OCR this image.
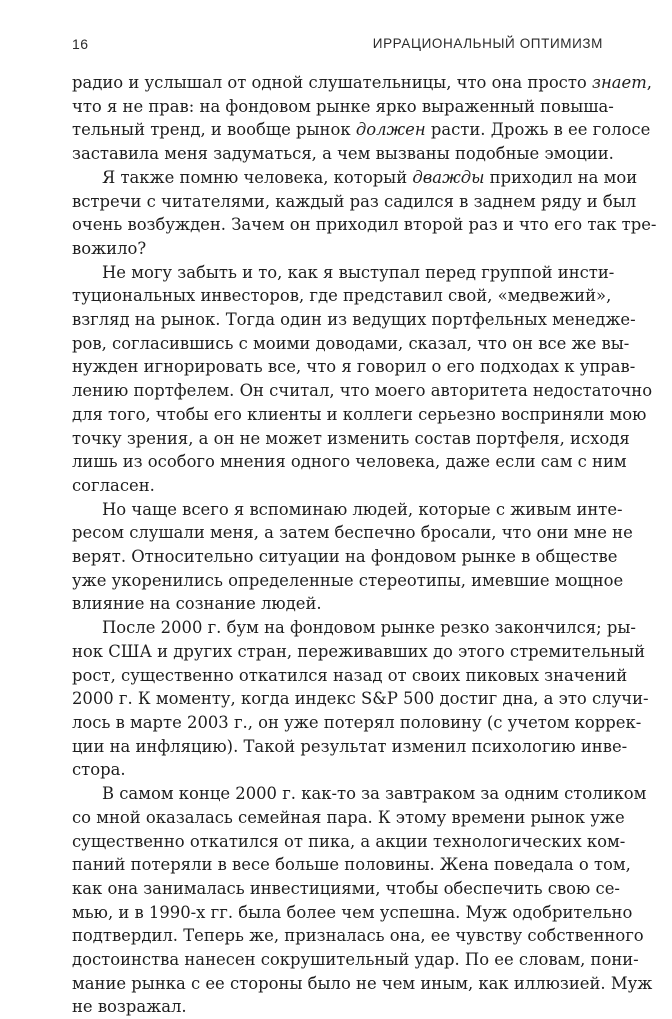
16	ИРРАЦИОНАЛЬНЫЙ ОПТИМИЗМ
радио и услышал от одной слушательницы, что она просто знает,
что я не прав: на фондовом рынке ярко выраженный повыша-
тельный тренд, и вообще рынок должен расти. Дрожь в ее голосе
заставила меня задуматься, а чем вызваны подобные эмоции.
Я также помню человека, который дважды приходил на мои
встречи с читателями, каждый раз садился в заднем ряду и был
очень возбужден. Зачем он приходил второй раз и что его так тре-
вожило?
Не могу забыть и то, как я выступал перед группой инсти-
туциональных инвесторов, где представил свой, «медвежий»,
взгляд на рынок. Тогда один из ведущих портфельных менедже-
ров, согласившись с моими доводами, сказал, что он все же вы-
нужден игнорировать все, что я говорил о его подходах к управ-
лению портфелем. Он считал, что моего авторитета недостаточно
для того, чтобы его клиенты и коллеги серьезно восприняли мою
точку зрения, а он не может изменить состав портфеля, исходя
лишь из особого мнения одного человека, даже если сам с ним
согласен.
Но чаще всего я вспоминаю людей, которые с живым инте-
ресом слушали меня, а затем беспечно бросали, что они мне не
верят. Относительно ситуации на фондовом рынке в обществе
уже укоренились определенные стереотипы, имевшие мощное
влияние на сознание людей.
После 2000 г. бум на фондовом рынке резко закончился; ры-
нок США и других стран, переживавших до этого стремительный
рост, существенно откатился назад от своих пиковых значений
2000 г. К моменту, когда индекс S&P 500 достиг дна, а это случи-
лось в марте 2003 г., он уже потерял половину (с учетом коррек-
ции на инфляцию). Такой результат изменил психологию инве-
стора.
В самом конце 2000 г. как-то за завтраком за одним столиком
со мной оказалась семейная пара. К этому времени рынок уже
существенно откатился от пика, а акции технологических ком-
паний потеряли в весе больше половины. Жена поведала о том,
как она занималась инвестициями, чтобы обеспечить свою се-
мью, и в 1990-х гг. была более чем успешна. Муж одобрительно
подтвердил. Теперь же, призналась она, ее чувству собственного
достоинства нанесен сокрушительный удар. По ее словам, пони-
мание рынка с ее стороны было не чем иным, как иллюзией. Муж
не возражал.
